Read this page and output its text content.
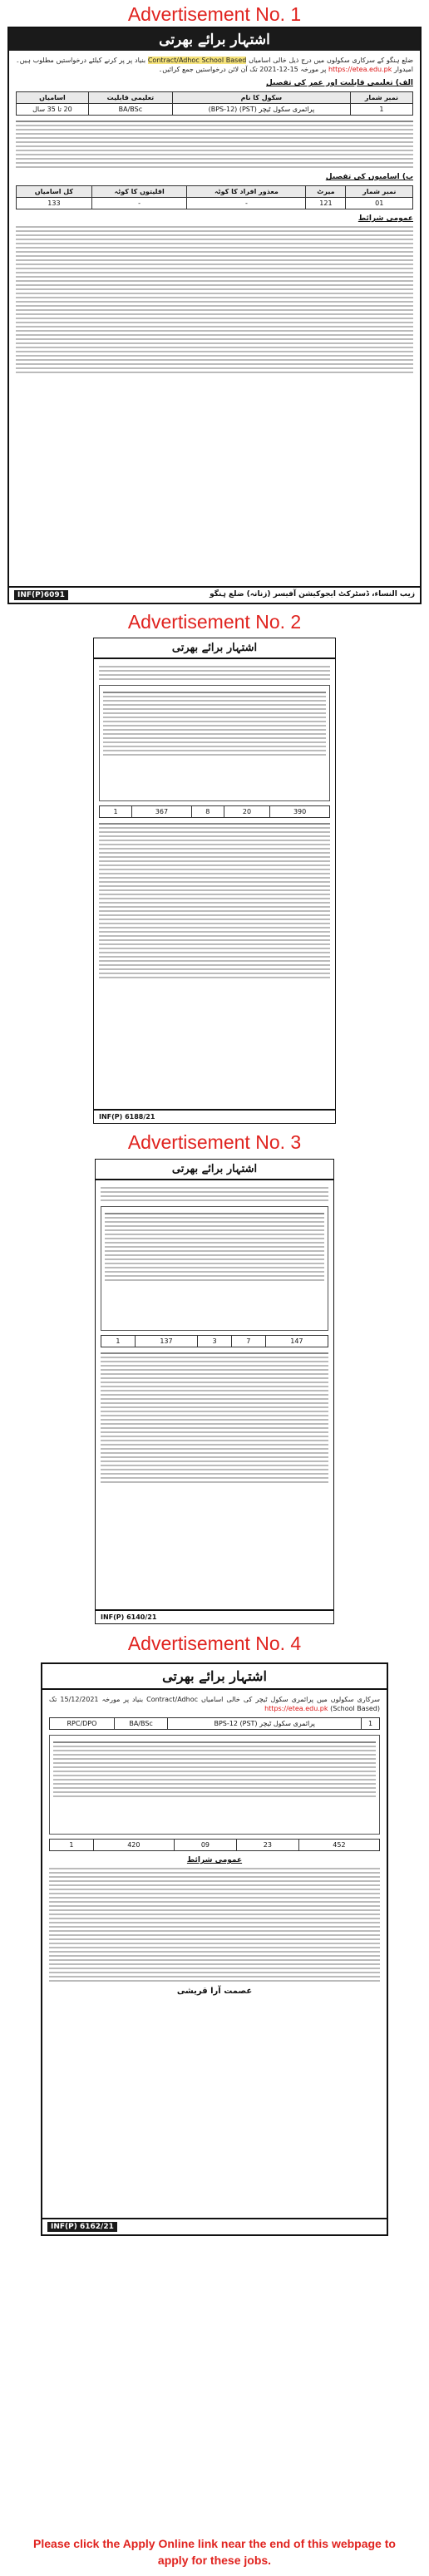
Advertisement No. 1
اشتہار برائے بھرتی
ضلع ہنگو کے سرکاری سکولوں میں درج ذیل خالی اسامیاں Contract/Adhoc School Based بنیاد پر پر کرنے کیلئے درخواستیں مطلوب ہیں۔ امیدوار https://etea.edu.pk پر مورخہ 15-12-2021 تک آن لائن درخواستیں جمع کرائیں۔
الف) تعلیمی قابلیت اور عمر کی تفصیل
نمبر شمار	سکول کا نام	تعلیمی قابلیت	اسامیاں
1	پرائمری سکول ٹیچر (PST) (BPS-12)	BA/BSc	20 تا 35 سال
ب) اسامیوں کی تفصیل
نمبر شمار	میرٹ	معذور افراد کا کوٹہ	اقلیتوں کا کوٹہ	کل اسامیاں
01	121	-	-	133
عمومی شرائط
INF(P)6091	زیب النساء، ڈسٹرکٹ ایجوکیشن آفیسر (زنانہ) ضلع ہنگو
Advertisement No. 2
اشتہار برائے بھرتی
390	20	8	367	1
INF(P) 6188/21
Advertisement No. 3
اشتہار برائے بھرتی
147	7	3	137	1
INF(P) 6140/21
Advertisement No. 4
اشتہار برائے بھرتی
سرکاری سکولوں میں پرائمری سکول ٹیچر کی خالی اسامیاں Contract/Adhoc بنیاد پر مورخہ 15/12/2021 تک (School Based) https://etea.edu.pk
1	پرائمری سکول ٹیچر (PST) BPS-12	BA/BSc	RPC/DPO
452	23	09	420	1
عمومی شرائط
عصمت آرا قریشی
INF(P) 6162/21
Please click the Apply Online link near the end of this webpage to apply for these jobs.
